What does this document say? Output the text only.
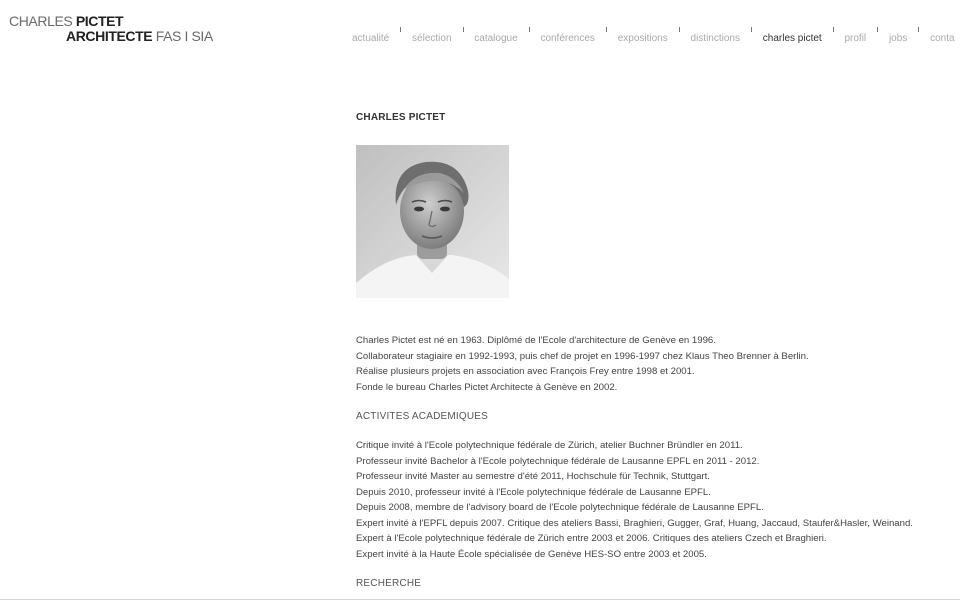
CHARLES PICTET
ARCHITECTE FAS I SIA	actualité sélection catalogue conférences expositions distinctions charles pictet profil jobs conta
CHARLES PICTET
Charles Pictet est né en 1963. Diplômé de l'Ecole d'architecture de Genève en 1996.
Collaborateur stagiaire en 1992-1993, puis chef de projet en 1996-1997 chez Klaus Theo Brenner à Berlin.
Réalise plusieurs projets en association avec François Frey entre 1998 et 2001.
Fonde le bureau Charles Pictet Architecte à Genève en 2002.
ACTIVITES ACADEMIQUES
Critique invité à l'Ecole polytechnique fédérale de Zürich, atelier Buchner Bründler en 2011.
Professeur invité Bachelor à l'Ecole polytechnique fédérale de Lausanne EPFL en 2011 - 2012.
Professeur invité Master au semestre d'été 2011, Hochschule für Technik, Stuttgart.
Depuis 2010, professeur invité à l'Ecole polytechnique fédérale de Lausanne EPFL.
Depuis 2008, membre de l'advisory board de l'Ecole polytechnique fédérale de Lausanne EPFL.
Expert invité à l'EPFL depuis 2007. Critique des ateliers Bassi, Braghieri, Gugger, Graf, Huang, Jaccaud, Staufer&Hasler, Weinand.
Expert à l'Ecole polytechnique fédérale de Zürich entre 2003 et 2006. Critiques des ateliers Czech et Braghieri.
Expert invité à la Haute École spécialisée de Genève HES-SO entre 2003 et 2005.
RECHERCHE
